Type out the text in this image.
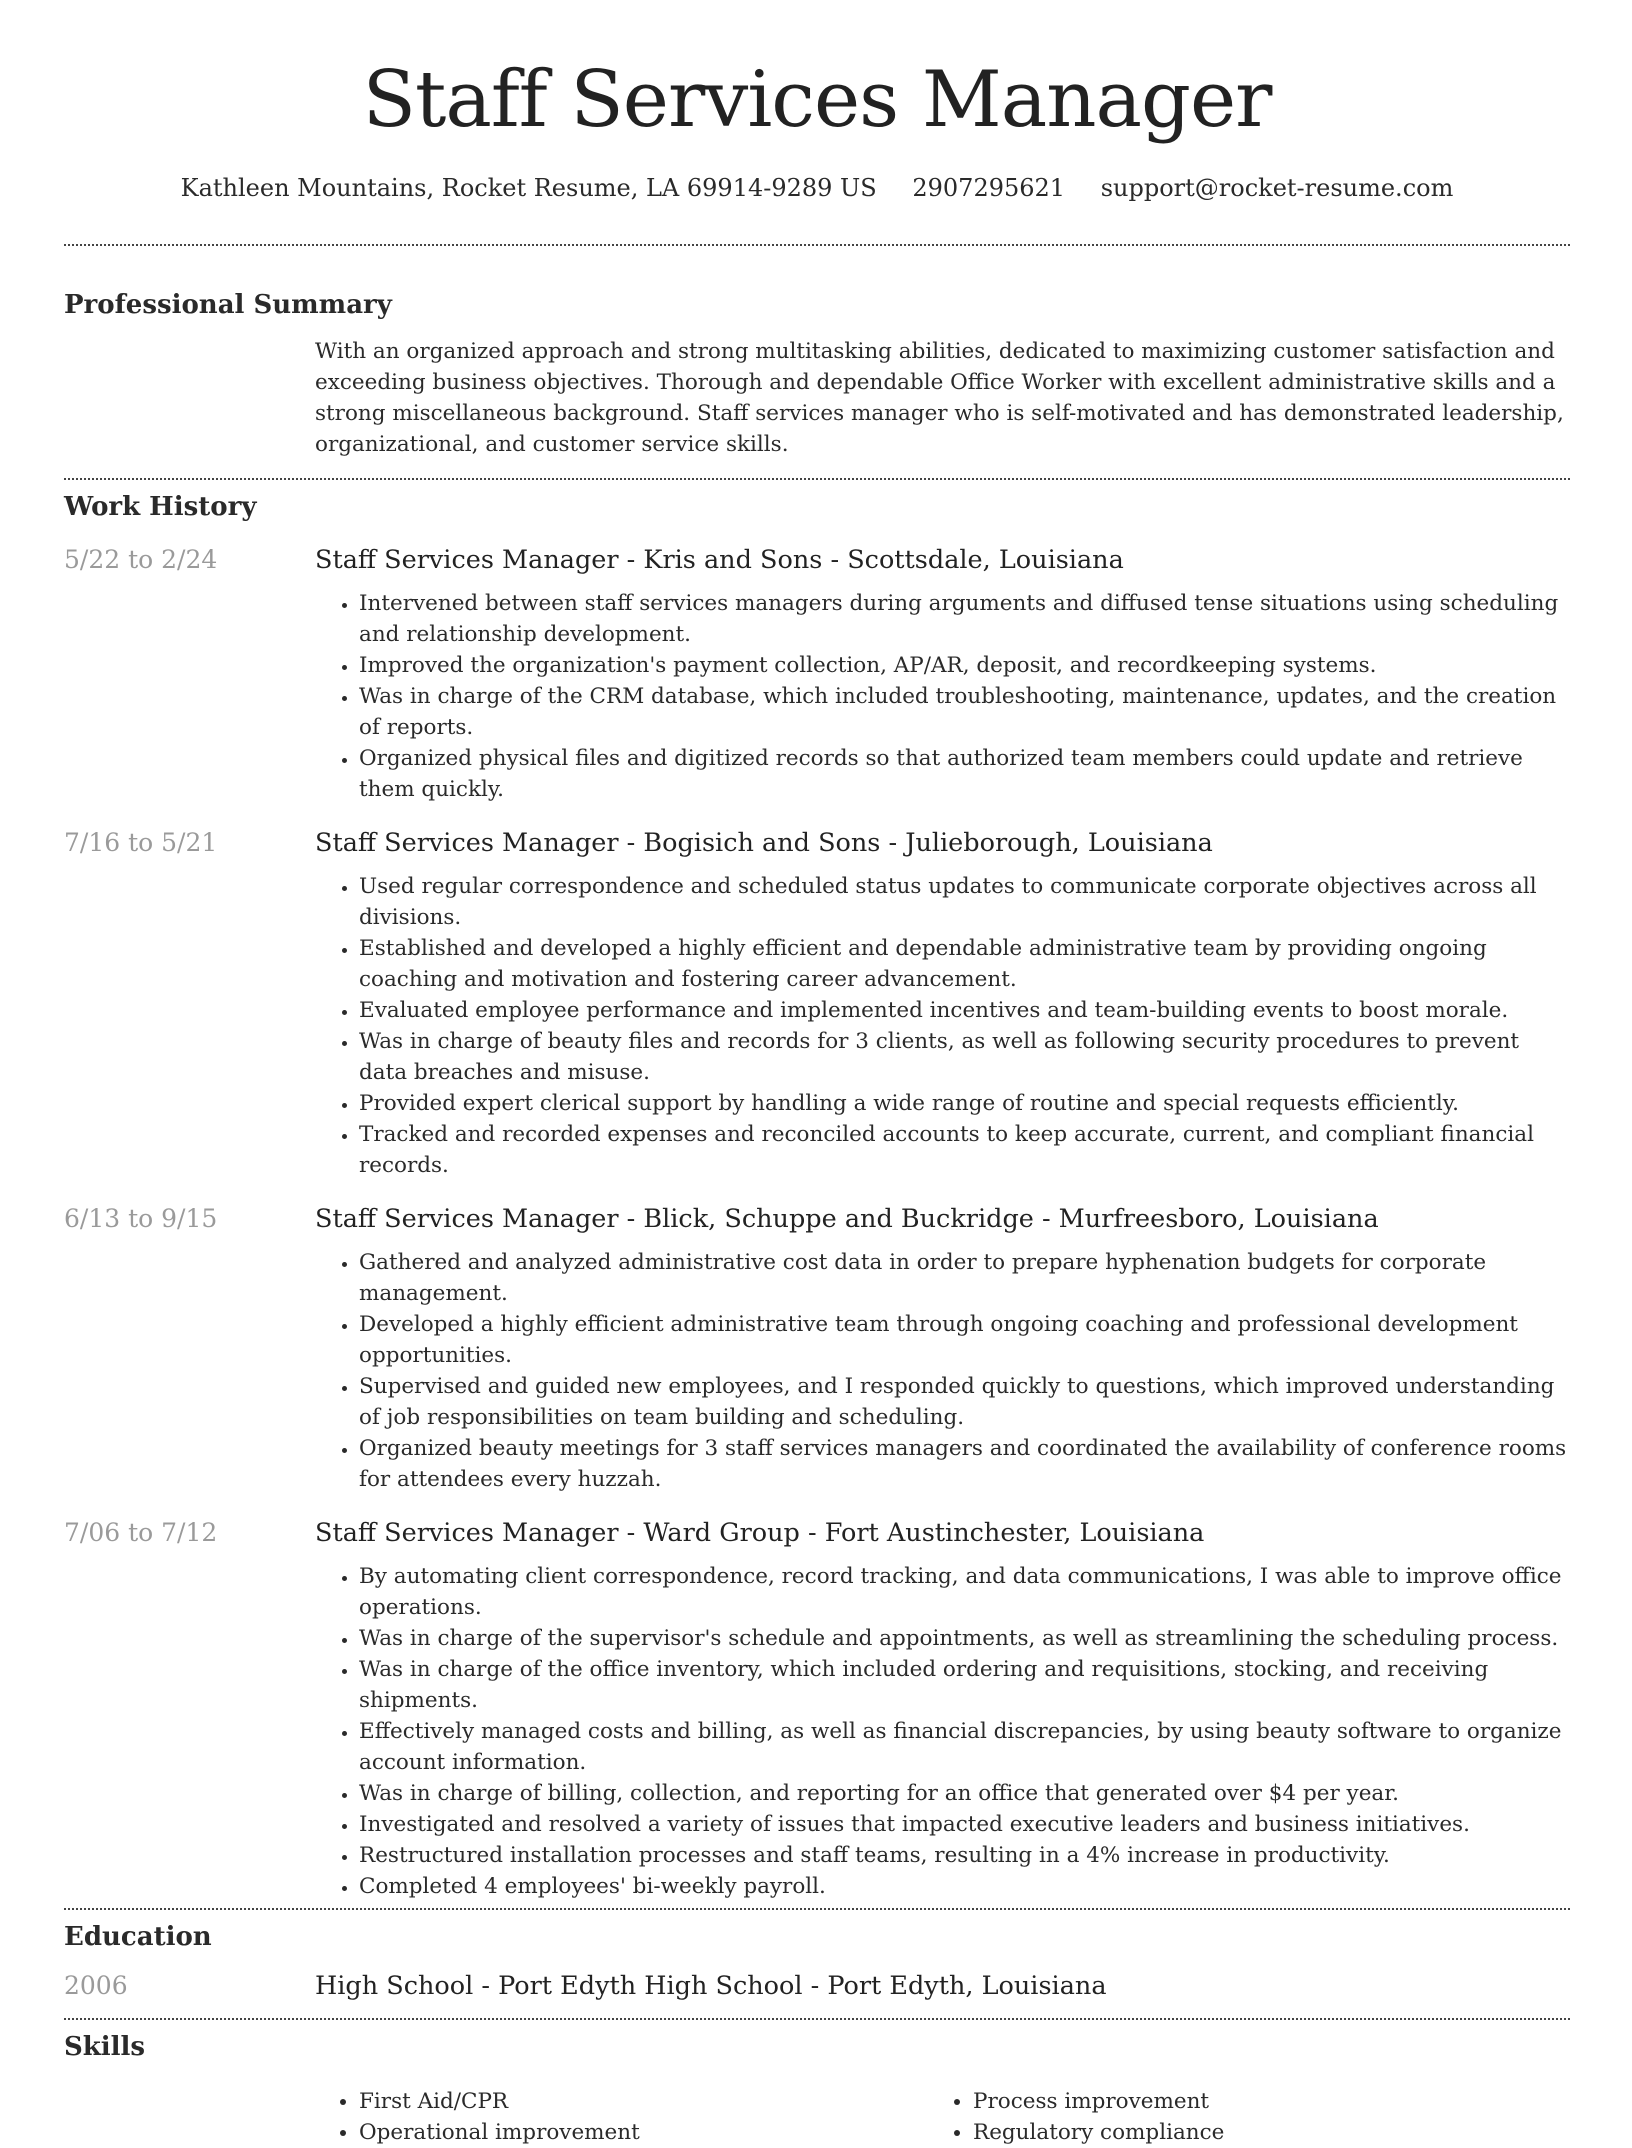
Staff Services Manager
Kathleen Mountains, Rocket Resume, LA 69914-9289 US 2907295621 support@rocket-resume.com
Professional Summary

With an organized approach and strong multitasking abilities, dedicated to maximizing customer satisfaction and exceeding business objectives. Thorough and dependable Office Worker with excellent administrative skills and a strong miscellaneous background. Staff services manager who is self-motivated and has demonstrated leadership, organizational, and customer service skills.

Work History
5/22 to 2/24	Staff Services Manager - Kris and Sons - Scottsdale, Louisiana
• Intervened between staff services managers during arguments and diffused tense situations using scheduling and relationship development.
• Improved the organization's payment collection, AP/AR, deposit, and recordkeeping systems.
• Was in charge of the CRM database, which included troubleshooting, maintenance, updates, and the creation of reports.
• Organized physical files and digitized records so that authorized team members could update and retrieve them quickly.
7/16 to 5/21	Staff Services Manager - Bogisich and Sons - Julieborough, Louisiana
• Used regular correspondence and scheduled status updates to communicate corporate objectives across all divisions.
• Established and developed a highly efficient and dependable administrative team by providing ongoing coaching and motivation and fostering career advancement.
• Evaluated employee performance and implemented incentives and team-building events to boost morale.
• Was in charge of beauty files and records for 3 clients, as well as following security procedures to prevent data breaches and misuse.
• Provided expert clerical support by handling a wide range of routine and special requests efficiently.
• Tracked and recorded expenses and reconciled accounts to keep accurate, current, and compliant financial records.
6/13 to 9/15	Staff Services Manager - Blick, Schuppe and Buckridge - Murfreesboro, Louisiana
• Gathered and analyzed administrative cost data in order to prepare hyphenation budgets for corporate management.
• Developed a highly efficient administrative team through ongoing coaching and professional development opportunities.
• Supervised and guided new employees, and I responded quickly to questions, which improved understanding of job responsibilities on team building and scheduling.
• Organized beauty meetings for 3 staff services managers and coordinated the availability of conference rooms for attendees every huzzah.
7/06 to 7/12	Staff Services Manager - Ward Group - Fort Austinchester, Louisiana
• By automating client correspondence, record tracking, and data communications, I was able to improve office operations.
• Was in charge of the supervisor's schedule and appointments, as well as streamlining the scheduling process.
• Was in charge of the office inventory, which included ordering and requisitions, stocking, and receiving shipments.
• Effectively managed costs and billing, as well as financial discrepancies, by using beauty software to organize account information.
• Was in charge of billing, collection, and reporting for an office that generated over $4 per year.
• Investigated and resolved a variety of issues that impacted executive leaders and business initiatives.
• Restructured installation processes and staff teams, resulting in a 4% increase in productivity.
• Completed 4 employees' bi-weekly payroll.
Education
2006	High School - Port Edyth High School - Port Edyth, Louisiana
Skills
• First Aid/CPR
• Operational improvement
• Process improvement
• Regulatory compliance
